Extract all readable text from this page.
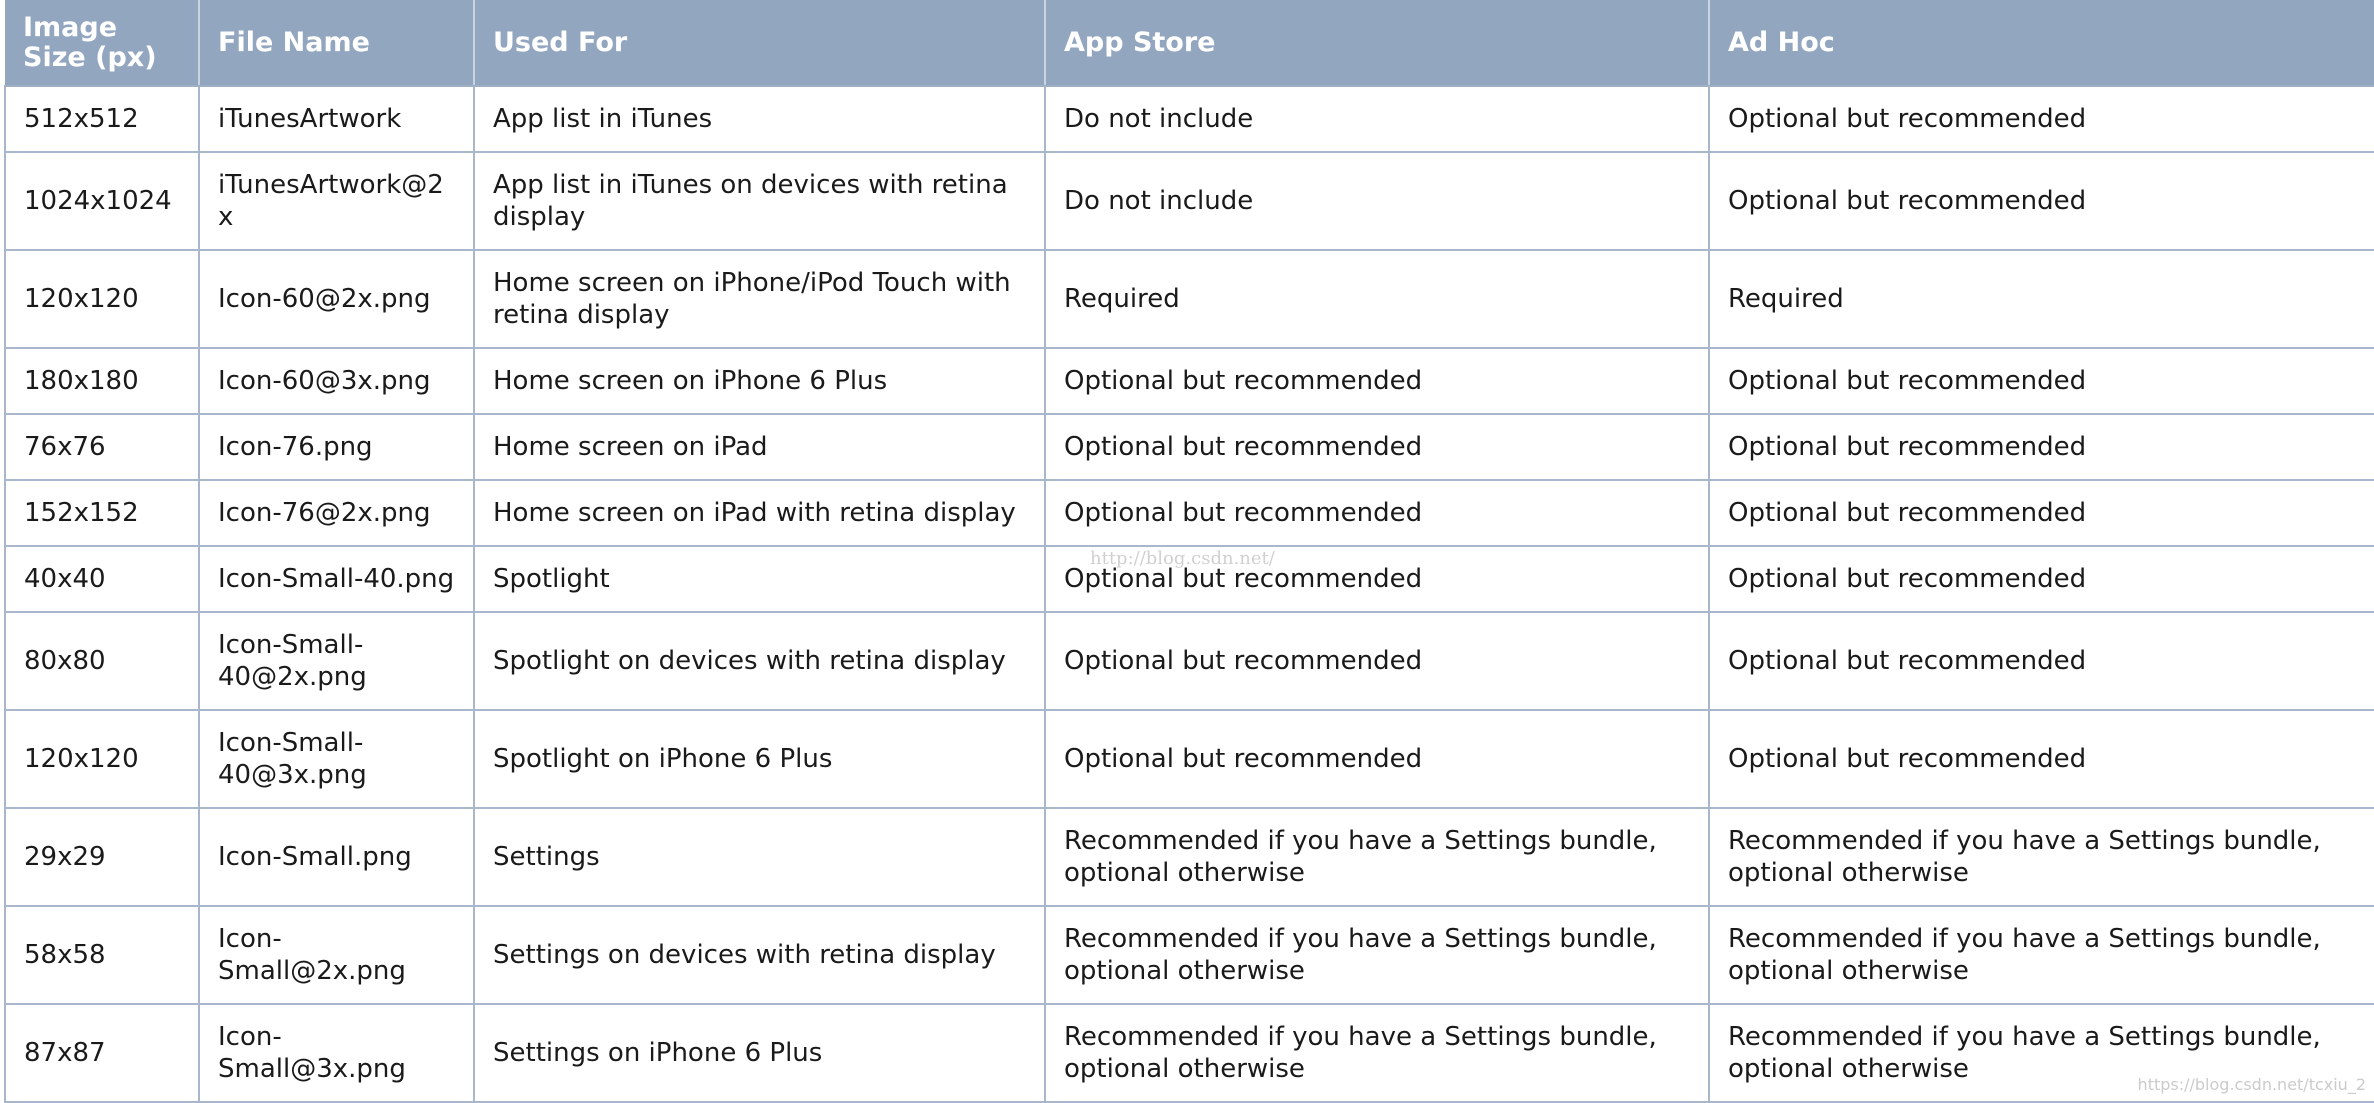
Image Size (px)	File Name	Used For	App Store	Ad Hoc
512x512	iTunesArtwork	App list in iTunes	Do not include	Optional but recommended
1024x1024	iTunesArtwork@2x	App list in iTunes on devices with retina display	Do not include	Optional but recommended
120x120	Icon-60@2x.png	Home screen on iPhone/iPod Touch with retina display	Required	Required
180x180	Icon-60@3x.png	Home screen on iPhone 6 Plus	Optional but recommended	Optional but recommended
76x76	Icon-76.png	Home screen on iPad	Optional but recommended	Optional but recommended
152x152	Icon-76@2x.png	Home screen on iPad with retina display	Optional but recommended	Optional but recommended
40x40	Icon-Small-40.png	Spotlight	Optional but recommended	Optional but recommended
80x80	Icon-Small-40@2x.png	Spotlight on devices with retina display	Optional but recommended	Optional but recommended
120x120	Icon-Small-40@3x.png	Spotlight on iPhone 6 Plus	Optional but recommended	Optional but recommended
29x29	Icon-Small.png	Settings	Recommended if you have a Settings bundle, optional otherwise	Recommended if you have a Settings bundle, optional otherwise
58x58	Icon-Small@2x.png	Settings on devices with retina display	Recommended if you have a Settings bundle, optional otherwise	Recommended if you have a Settings bundle, optional otherwise
87x87	Icon-Small@3x.png	Settings on iPhone 6 Plus	Recommended if you have a Settings bundle, optional otherwise	Recommended if you have a Settings bundle, optional otherwise
http://blog.csdn.net/
https://blog.csdn.net/tcxiu_2
